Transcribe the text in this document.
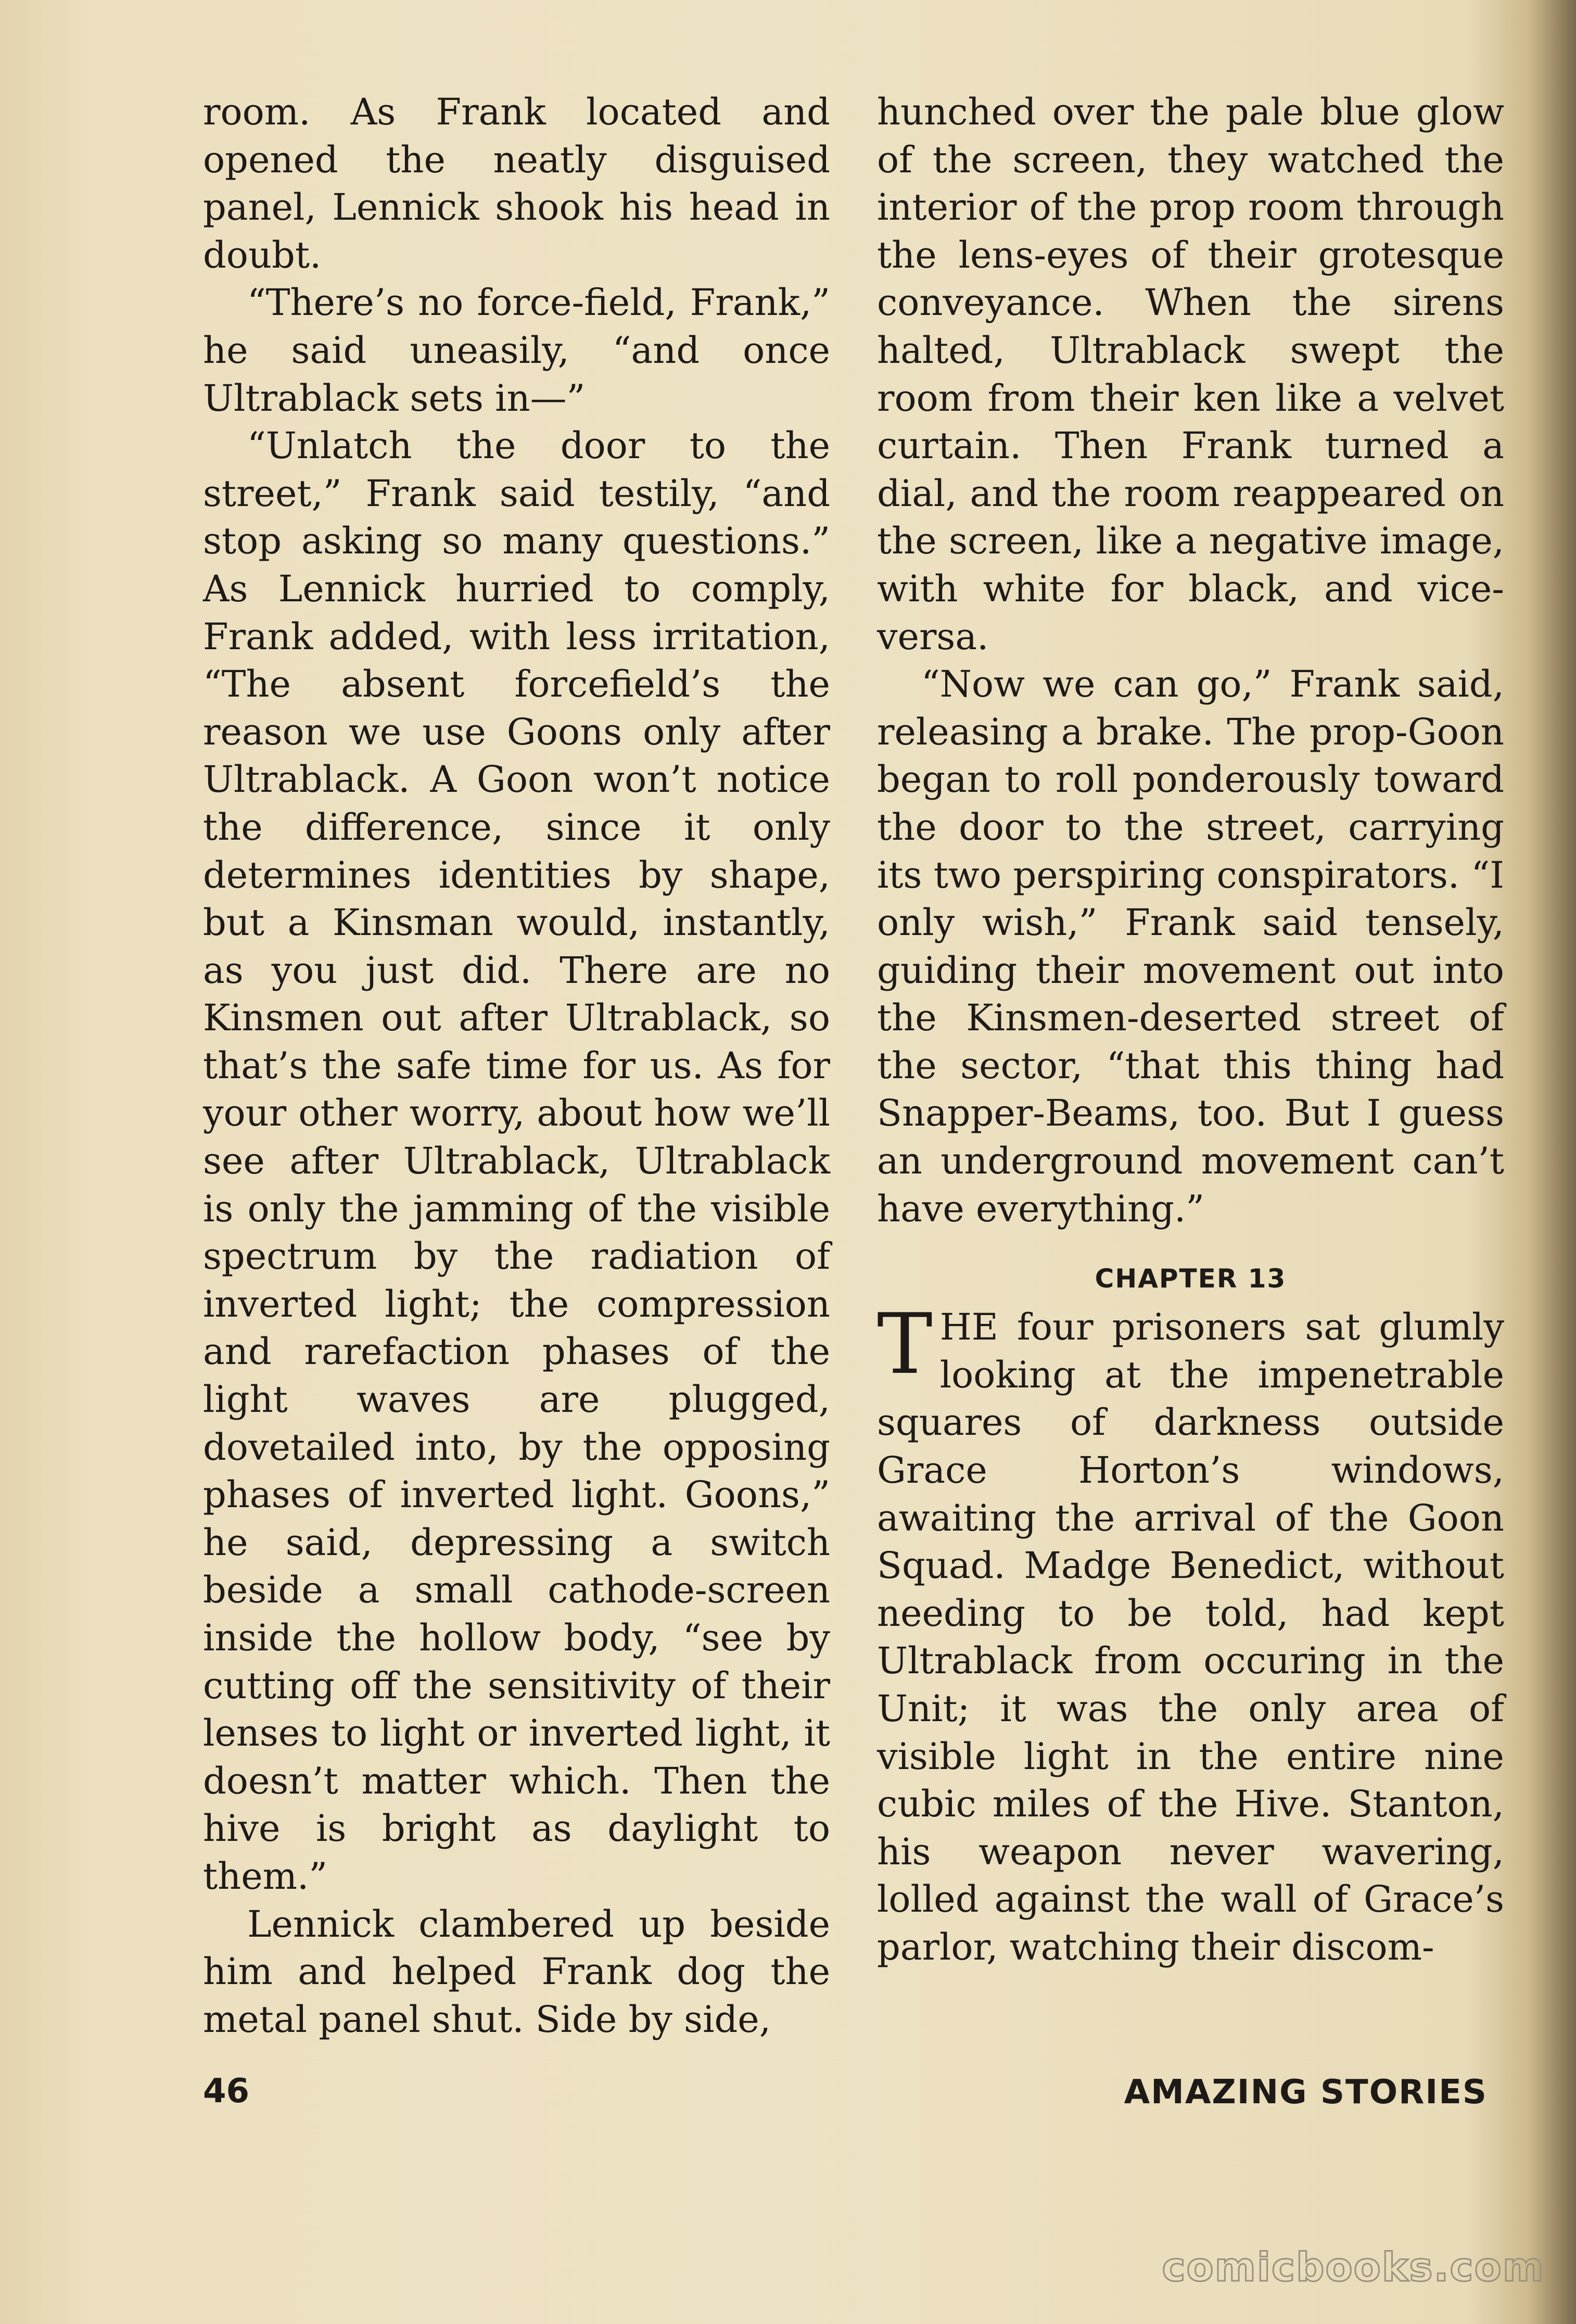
room. As Frank located and opened the neatly disguised panel, Lennick shook his head in doubt.

“There’s no force-field, Frank,” he said uneasily, “and once Ultrablack sets in—”

“Unlatch the door to the street,” Frank said testily, “and stop asking so many questions.” As Lennick hurried to comply, Frank added, with less irritation, “The absent forcefield’s the reason we use Goons only after Ultrablack. A Goon won’t notice the difference, since it only determines identities by shape, but a Kinsman would, instantly, as you just did. There are no Kinsmen out after Ultrablack, so that’s the safe time for us. As for your other worry, about how we’ll see after Ultrablack, Ultrablack is only the jamming of the visible spectrum by the radiation of inverted light; the compression and rarefaction phases of the light waves are plugged, dovetailed into, by the opposing phases of inverted light. Goons,” he said, depressing a switch beside a small cathode-screen inside the hollow body, “see by cutting off the sensitivity of their lenses to light or inverted light, it doesn’t matter which. Then the hive is bright as daylight to them.”

Lennick clambered up beside him and helped Frank dog the metal panel shut. Side by side,

hunched over the pale blue glow of the screen, they watched the interior of the prop room through the lens-eyes of their grotesque conveyance. When the sirens halted, Ultrablack swept the room from their ken like a velvet curtain. Then Frank turned a dial, and the room reappeared on the screen, like a negative image, with white for black, and vice-versa.

“Now we can go,” Frank said, releasing a brake. The prop-Goon began to roll ponderously toward the door to the street, carrying its two perspiring conspirators. “I only wish,” Frank said tensely, guiding their movement out into the Kinsmen-deserted street of the sector, “that this thing had Snapper-Beams, too. But I guess an underground movement can’t have everything.”

CHAPTER 13

THE four prisoners sat glumly looking at the impenetrable squares of darkness outside Grace Horton’s windows, awaiting the arrival of the Goon Squad. Madge Benedict, without needing to be told, had kept Ultrablack from occuring in the Unit; it was the only area of visible light in the entire nine cubic miles of the Hive. Stanton, his weapon never wavering, lolled against the wall of Grace’s parlor, watching their discom-

46	AMAZING STORIES
comicbooks.com
